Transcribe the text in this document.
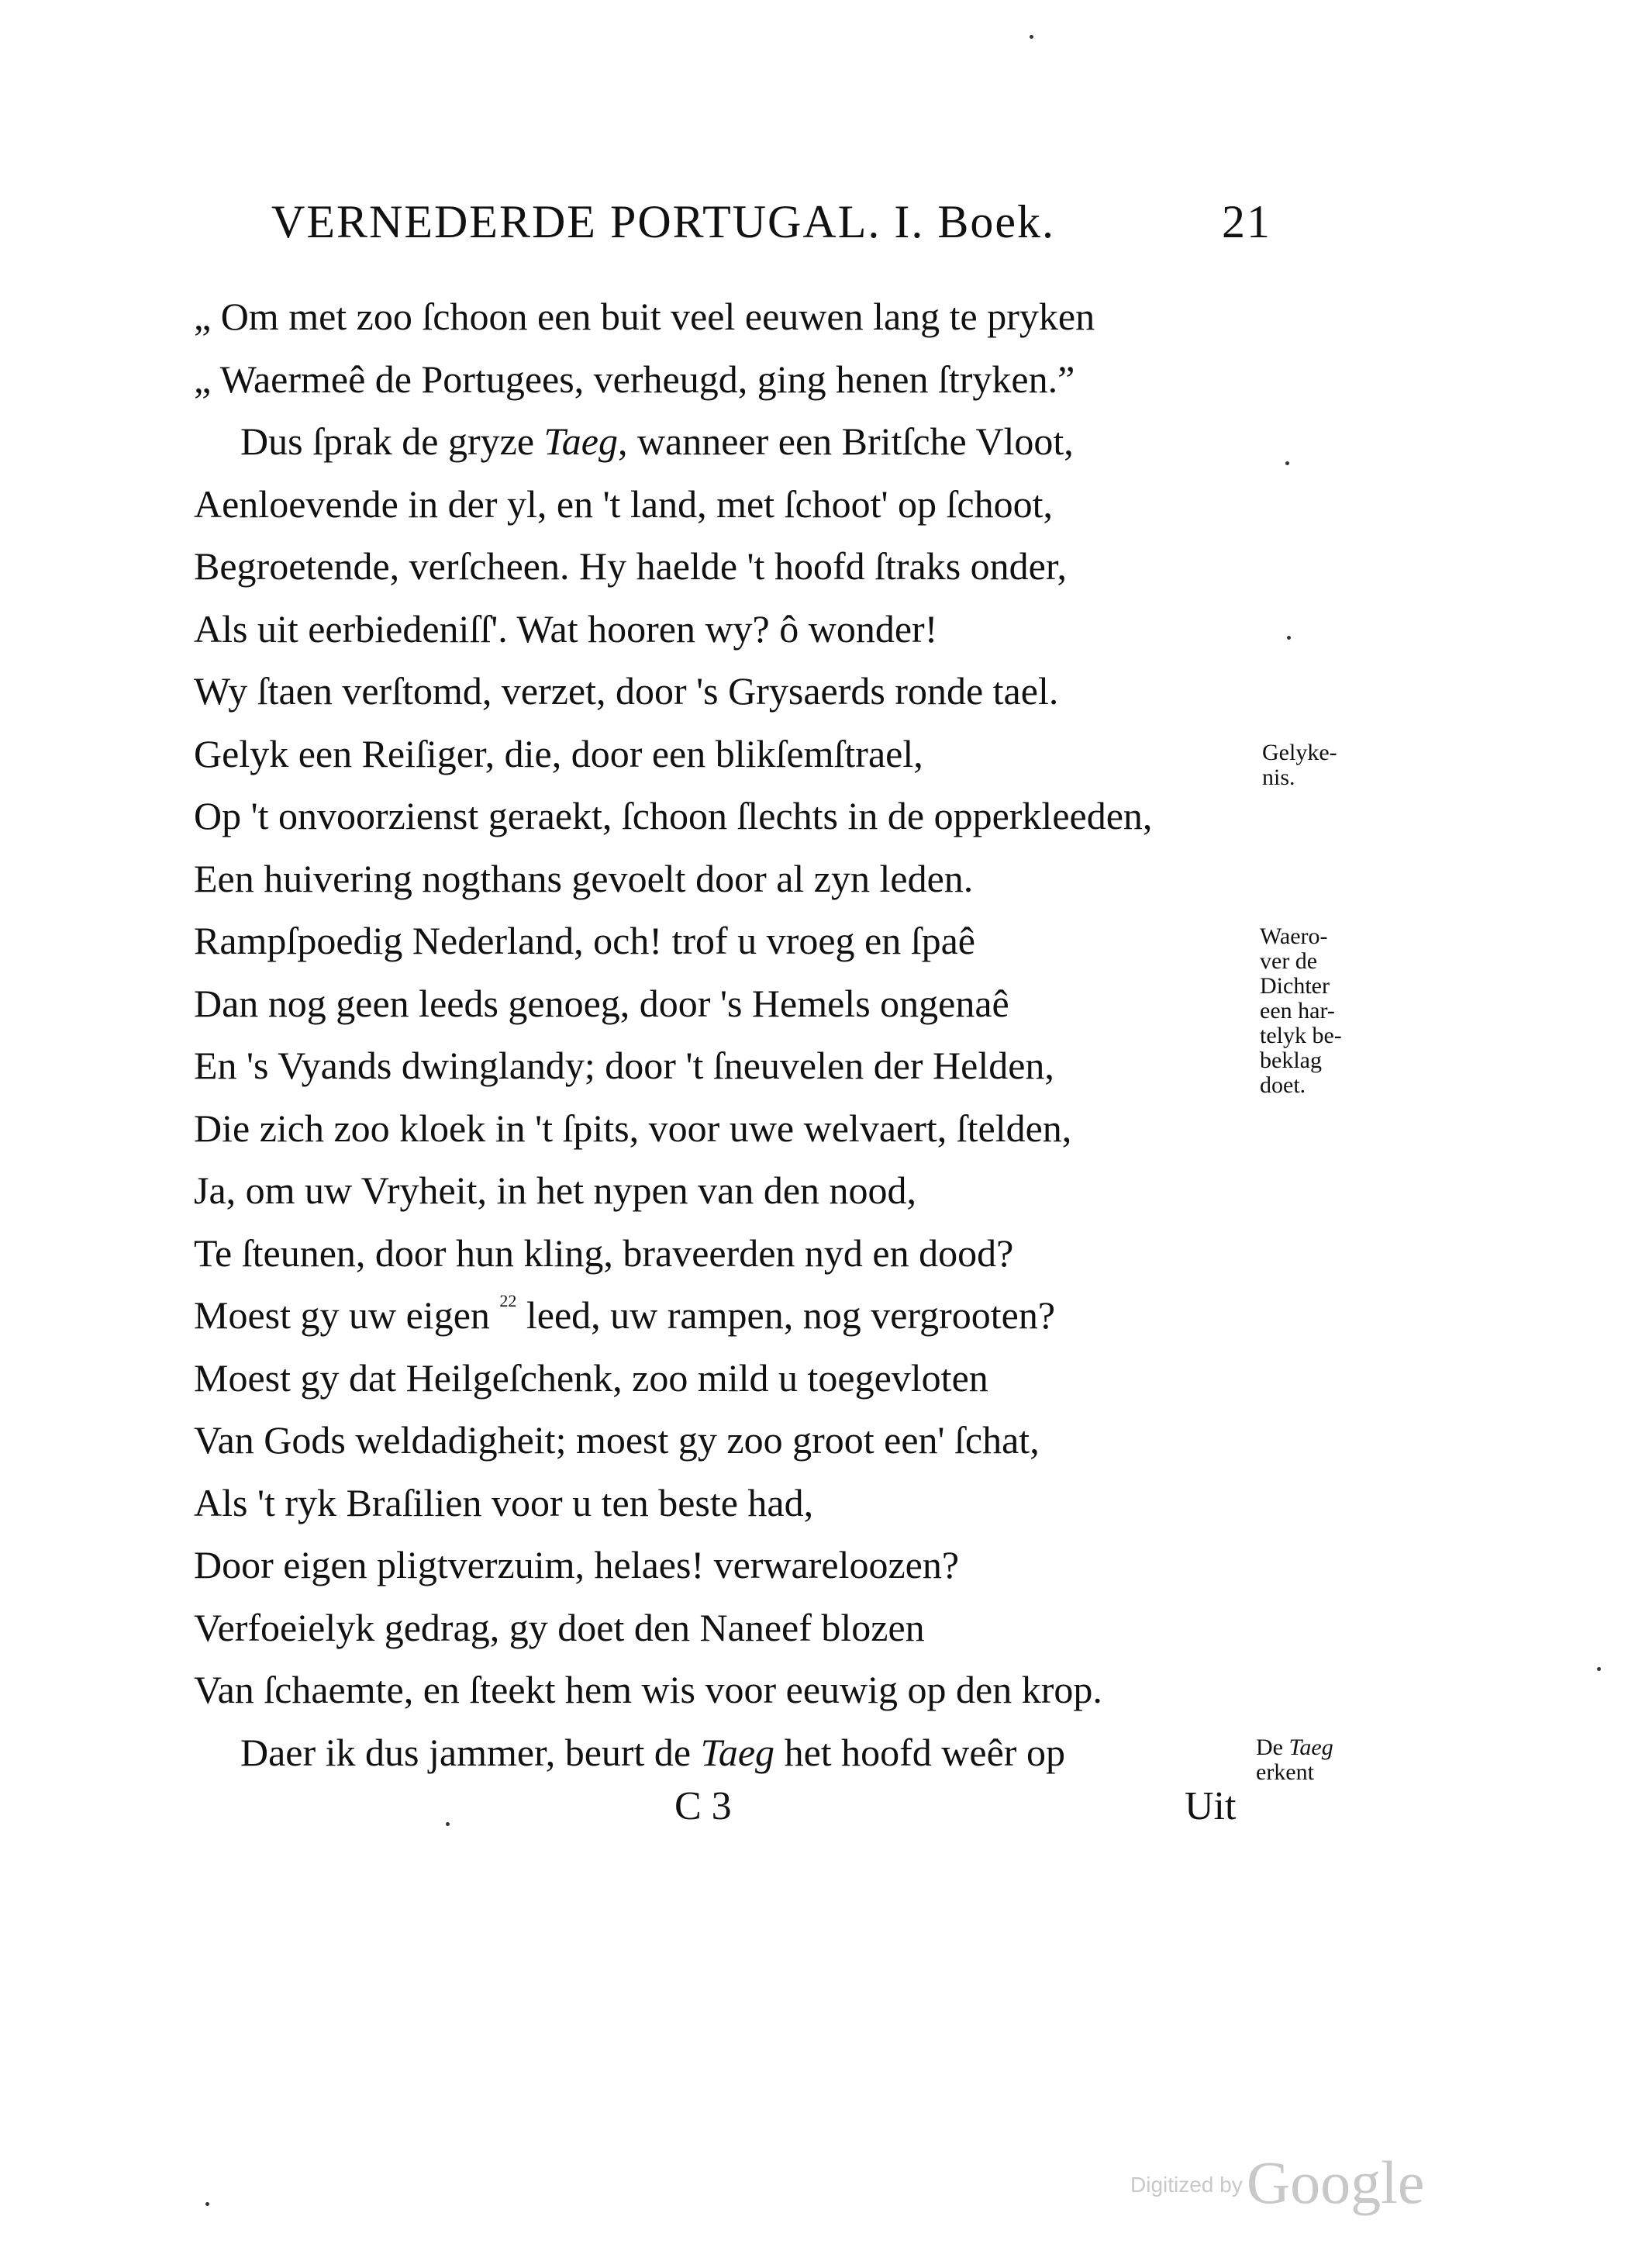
VERNEDERDE PORTUGAL. I. Boek.	21
„ Om met zoo ſchoon een buit veel eeuwen lang te pryken
„ Waermeê de Portugees, verheugd, ging henen ſtryken.”
Dus ſprak de gryze Taeg, wanneer een Britſche Vloot,
Aenloevende in der yl, en 't land, met ſchoot' op ſchoot,
Begroetende, verſcheen. Hy haelde 't hoofd ſtraks onder,
Als uit eerbiedeniſſ'. Wat hooren wy? ô wonder!
Wy ſtaen verſtomd, verzet, door 's Grysaerds ronde tael.
Gelyk een Reiſiger, die, door een blikſemſtrael,
Op 't onvoorzienst geraekt, ſchoon ſlechts in de opperkleeden,
Een huivering nogthans gevoelt door al zyn leden.
Rampſpoedig Nederland, och! trof u vroeg en ſpaê
Dan nog geen leeds genoeg, door 's Hemels ongenaê
En 's Vyands dwinglandy; door 't ſneuvelen der Helden,
Die zich zoo kloek in 't ſpits, voor uwe welvaert, ſtelden,
Ja, om uw Vryheit, in het nypen van den nood,
Te ſteunen, door hun kling, braveerden nyd en dood?
Moest gy uw eigen $^{22}$ leed, uw rampen, nog vergrooten?
Moest gy dat Heilgeſchenk, zoo mild u toegevloten
Van Gods weldadigheit; moest gy zoo groot een' ſchat,
Als 't ryk Braſilien voor u ten beste had,
Door eigen pligtverzuim, helaes! verwareloozen?
Verfoeielyk gedrag, gy doet den Naneef blozen
Van ſchaemte, en ſteekt hem wis voor eeuwig op den krop.
Daer ik dus jammer, beurt de Taeg het hoofd weêr op
C 3	Uit
Gelyke-
nis.
Waero-
ver de
Dichter
een har-
telyk be-
beklag
doet.
De Taeg
erkent
Digitized by Google
